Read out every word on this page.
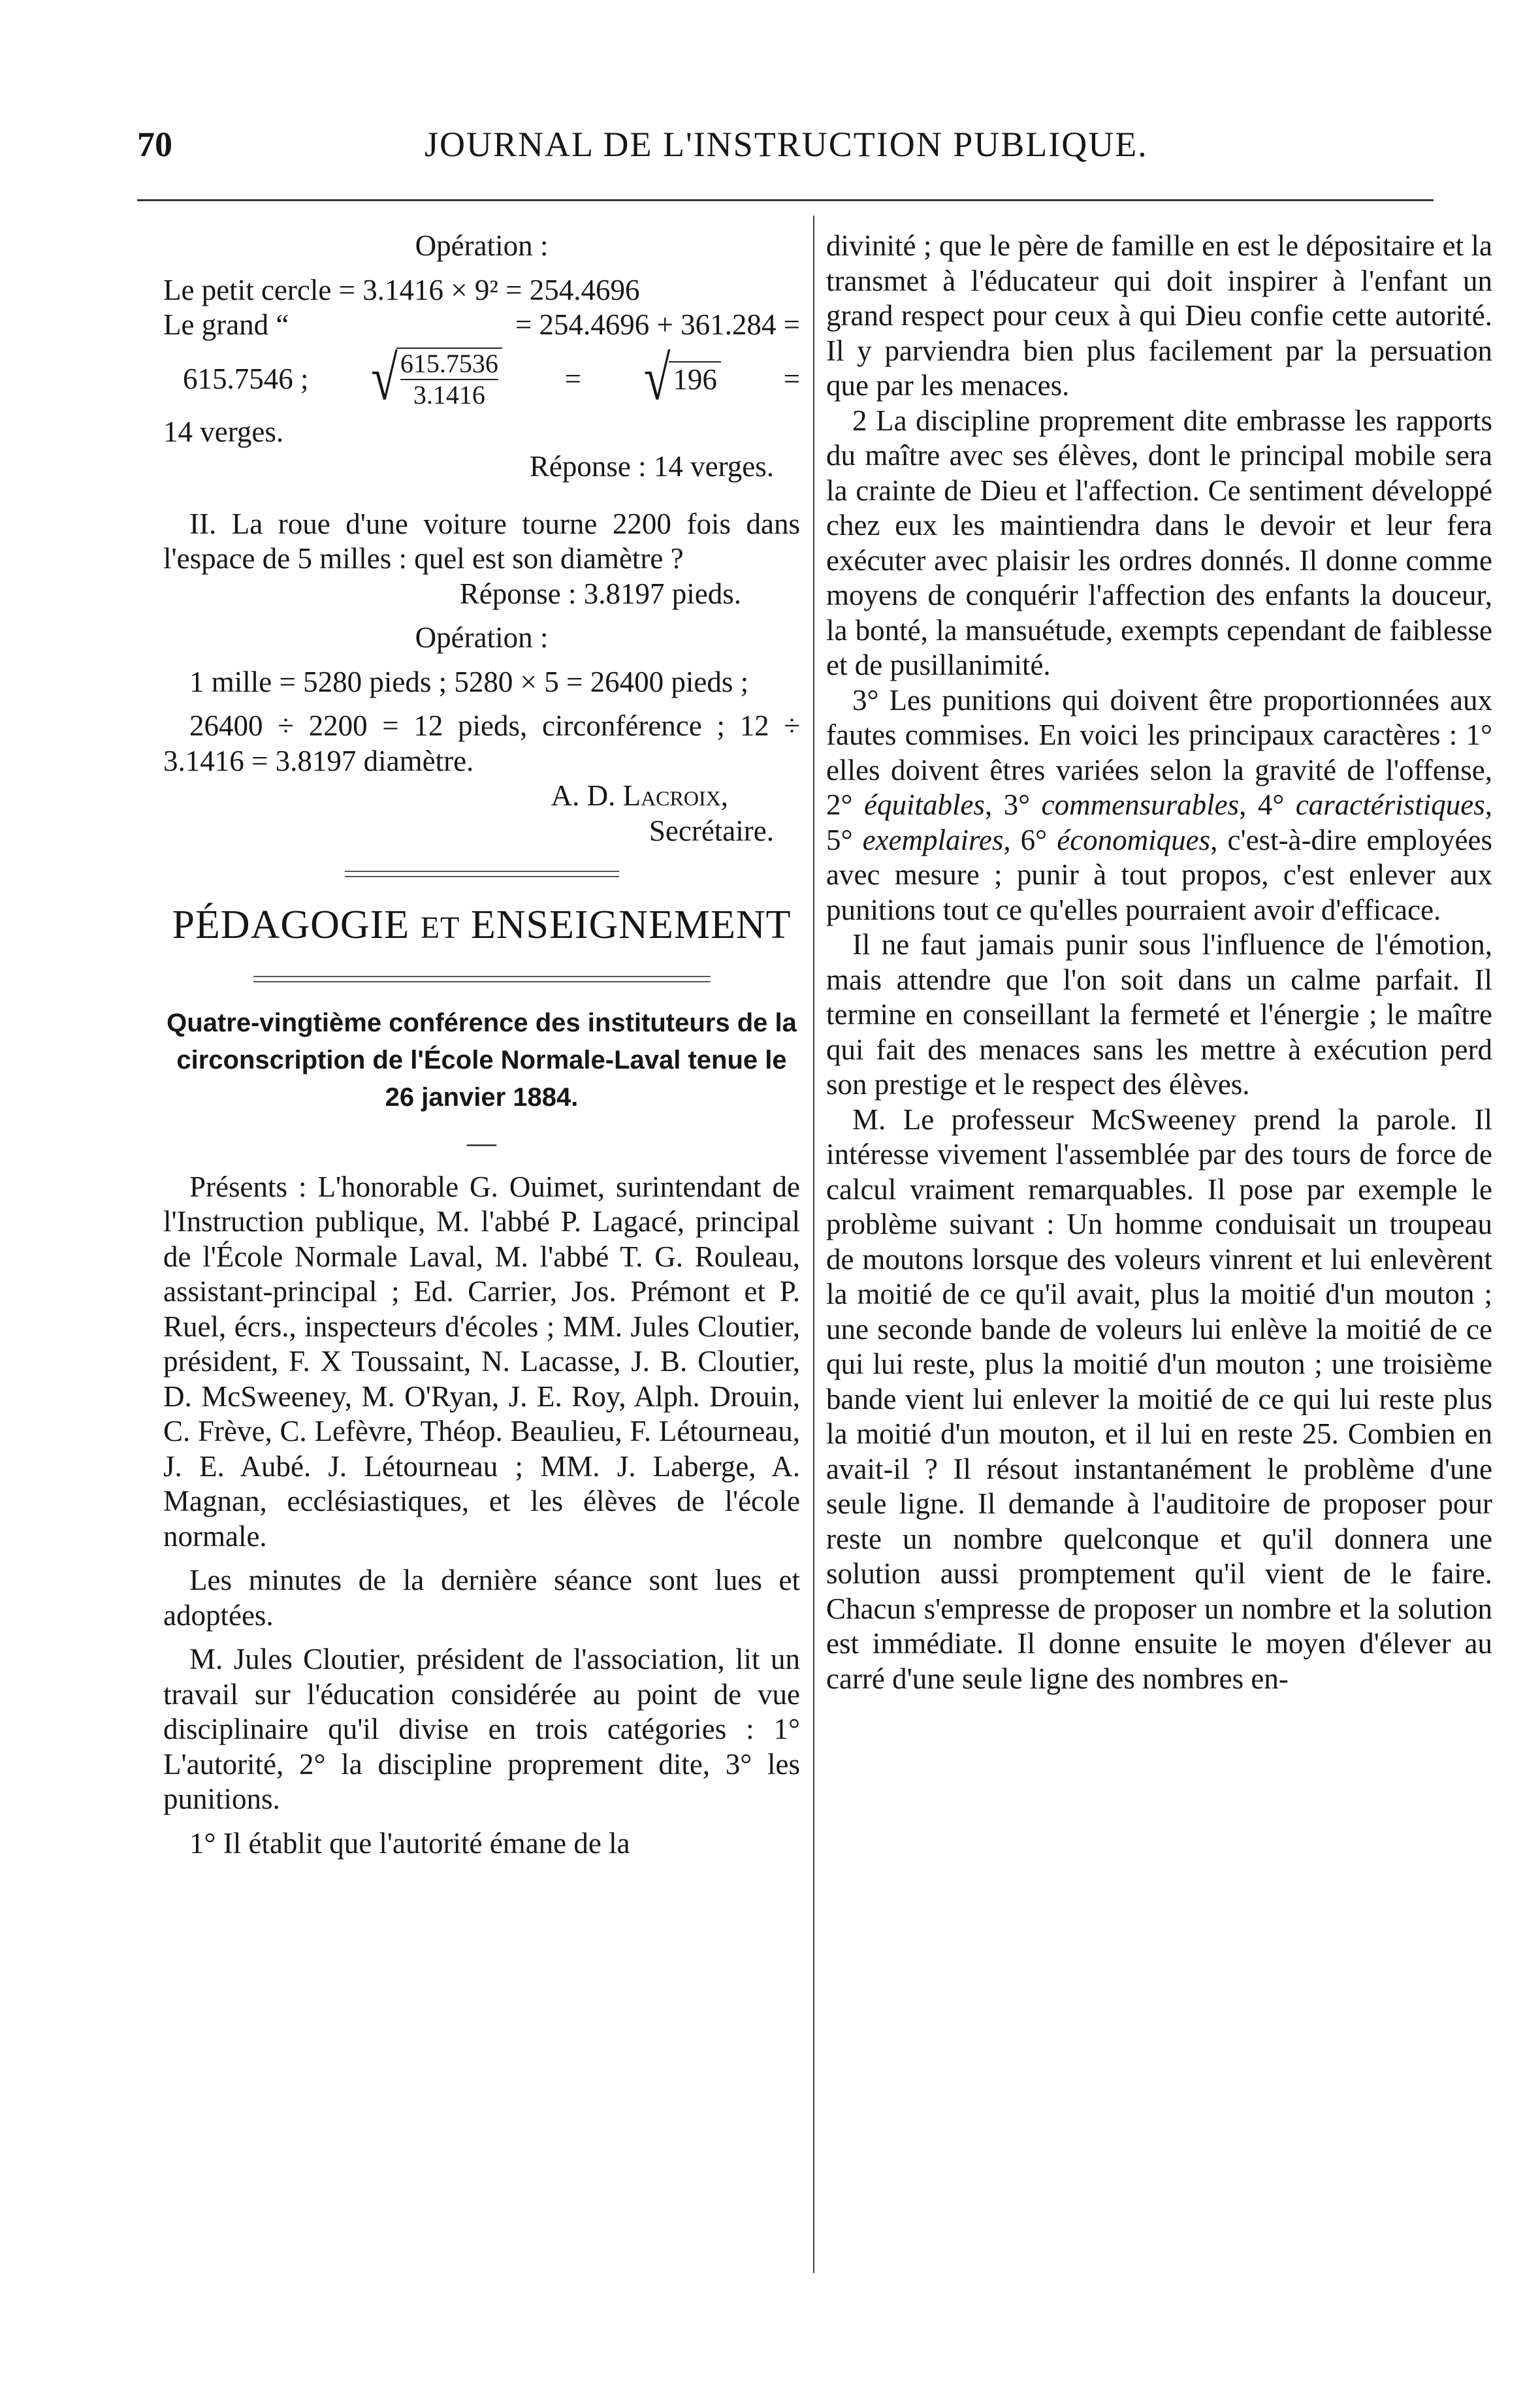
70	JOURNAL DE L'INSTRUCTION PUBLIQUE.

Opération :

Le petit cercle = 3.1416 × 9² = 254.4696

Le grand “	= 254.4696 + 361.284 =
615.7546 ; √
$\frac{615.7536}{3.1416}$ = √ 196 =

14 verges.

Réponse : 14 verges.

II. La roue d'une voiture tourne 2200 fois dans l'espace de 5 milles : quel est son diamètre ?

Réponse : 3.8197 pieds.

Opération :

1 mille = 5280 pieds ; 5280 × 5 = 26400 pieds ;

26400 ÷ 2200 = 12 pieds, circonférence ; 12 ÷ 3.1416 = 3.8197 diamètre.

A. D. Lacroix,

Secrétaire.

PÉDAGOGIE ET ENSEIGNEMENT

Quatre-vingtième conférence des instituteurs de la circonscription de l'École Normale-Laval tenue le 26 janvier 1884.

—

Présents : L'honorable G. Ouimet, surintendant de l'Instruction publique, M. l'abbé P. Lagacé, principal de l'École Normale Laval, M. l'abbé T. G. Rouleau, assistant-principal ; Ed. Carrier, Jos. Prémont et P. Ruel, écrs., inspecteurs d'écoles ; MM. Jules Cloutier, président, F. X Toussaint, N. Lacasse, J. B. Cloutier, D. McSweeney, M. O'Ryan, J. E. Roy, Alph. Drouin, C. Frève, C. Lefèvre, Théop. Beaulieu, F. Létourneau, J. E. Aubé. J. Létourneau ; MM. J. Laberge, A. Magnan, ecclésiastiques, et les élèves de l'école normale.

Les minutes de la dernière séance sont lues et adoptées.

M. Jules Cloutier, président de l'association, lit un travail sur l'éducation considérée au point de vue disciplinaire qu'il divise en trois catégories : 1° L'autorité, 2° la discipline proprement dite, 3° les punitions.

1° Il établit que l'autorité émane de la

divinité ; que le père de famille en est le dépositaire et la transmet à l'éducateur qui doit inspirer à l'enfant un grand respect pour ceux à qui Dieu confie cette autorité. Il y parviendra bien plus facilement par la persuation que par les menaces.

2 La discipline proprement dite embrasse les rapports du maître avec ses élèves, dont le principal mobile sera la crainte de Dieu et l'affection. Ce sentiment développé chez eux les maintiendra dans le devoir et leur fera exécuter avec plaisir les ordres donnés. Il donne comme moyens de conquérir l'affection des enfants la douceur, la bonté, la mansuétude, exempts cependant de faiblesse et de pusillanimité.

3° Les punitions qui doivent être proportionnées aux fautes commises. En voici les principaux caractères : 1° elles doivent êtres variées selon la gravité de l'offense, 2° équitables, 3° commensurables, 4° caractéristiques, 5° exemplaires, 6° économiques, c'est-à-dire employées avec mesure ; punir à tout propos, c'est enlever aux punitions tout ce qu'elles pourraient avoir d'efficace.

Il ne faut jamais punir sous l'influence de l'émotion, mais attendre que l'on soit dans un calme parfait. Il termine en conseillant la fermeté et l'énergie ; le maître qui fait des menaces sans les mettre à exécution perd son prestige et le respect des élèves.

M. Le professeur McSweeney prend la parole. Il intéresse vivement l'assemblée par des tours de force de calcul vraiment remarquables. Il pose par exemple le problème suivant : Un homme conduisait un troupeau de moutons lorsque des voleurs vinrent et lui enlevèrent la moitié de ce qu'il avait, plus la moitié d'un mouton ; une seconde bande de voleurs lui enlève la moitié de ce qui lui reste, plus la moitié d'un mouton ; une troisième bande vient lui enlever la moitié de ce qui lui reste plus la moitié d'un mouton, et il lui en reste 25. Combien en avait-il ? Il résout instantanément le problème d'une seule ligne. Il demande à l'auditoire de proposer pour reste un nombre quelconque et qu'il donnera une solution aussi promptement qu'il vient de le faire. Chacun s'empresse de proposer un nombre et la solution est immédiate. Il donne ensuite le moyen d'élever au carré d'une seule ligne des nombres en-
